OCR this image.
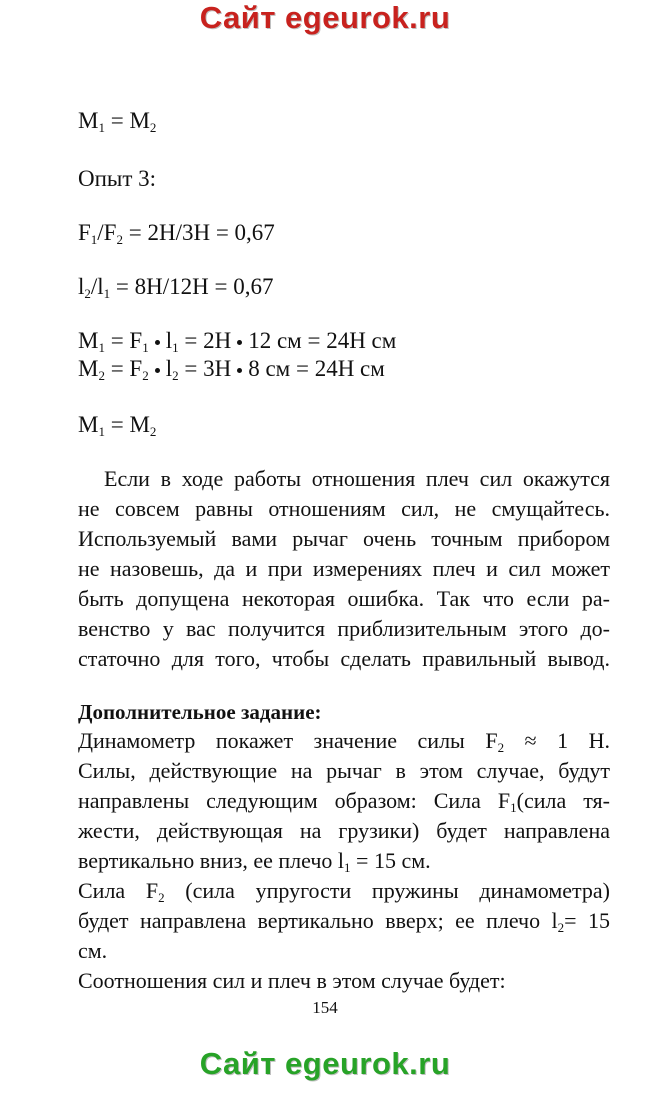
Сайт egeurok.ru
$M_1 = M_2$
Опыт 3:
$F_1/F_2 = 2Н/3Н = 0,67$
$l_2/l_1 = 8Н/12Н = 0,67$
$M_1 = F_1$ $l_1 = 2Н$ 12 см = 24Н см
$M_2 = F_2$ $l_2 = 3Н$ 8 см = 24Н см
$M_1 = M_2$
Если в ходе работы отношения плеч сил окажутся
не совсем равны отношениям сил, не смущайтесь.
Используемый вами рычаг очень точным прибором
не назовешь, да и при измерениях плеч и сил может
быть допущена некоторая ошибка. Так что если ра-
венство у вас получится приблизительным этого до-
статочно для того, чтобы сделать правильный вывод.
Дополнительное задание:
Динамометр покажет значение силы $F_2 \approx 1$ Н.
Силы, действующие на рычаг в этом случае, будут
направлены следующим образом: Сила $F_1(сила$ тя-
жести, действующая на грузики) будет направлена
вертикально вниз, ее плечо $l_1 = 15$ см.
Сила $F_2$ (сила упругости пружины динамометра)
будет направлена вертикально вверх; ее плечо $l_2= 15$
см.
Соотношения сил и плеч в этом случае будет:
154
Сайт egeurok.ru
